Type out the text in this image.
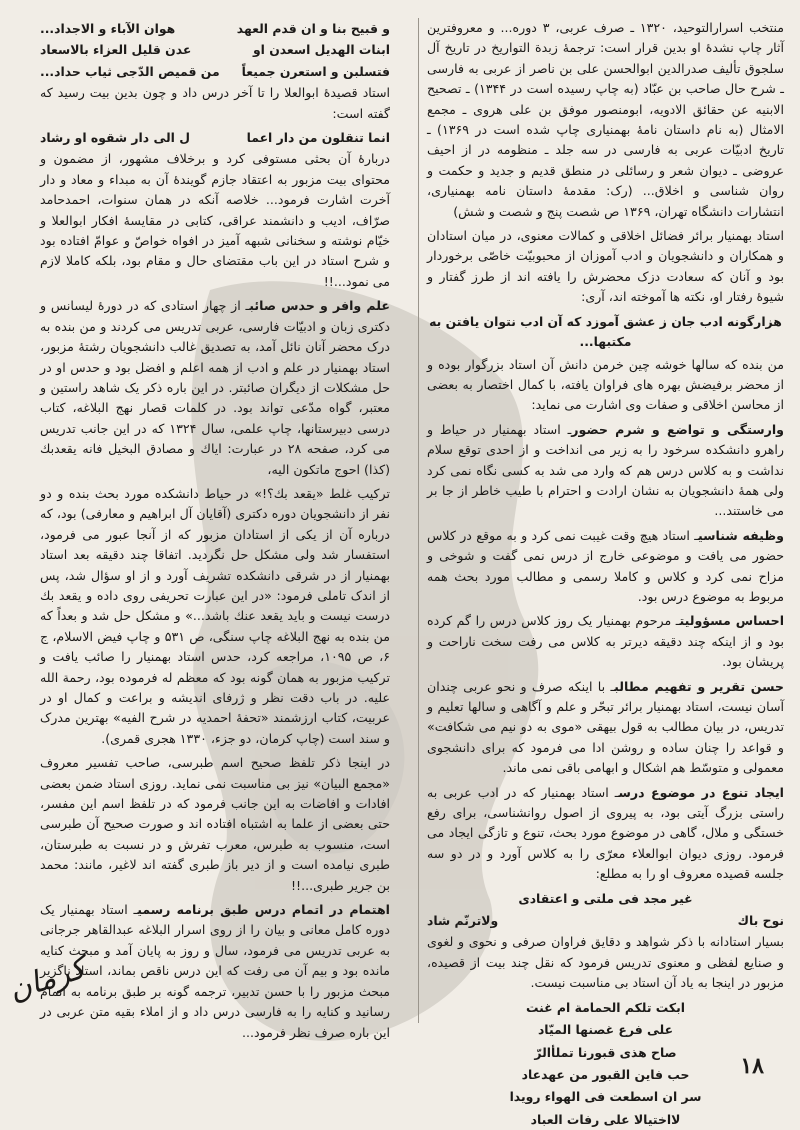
منتخب اسرارالتوحید، ۱۳۲۰ ـ صرف عربی، ۳ دوره... و معروفترین آثار چاپ نشدهٔ او بدین قرار است: ترجمهٔ زبدة التواریخ در تاریخ آل سلجوق تألیف صدرالدین ابوالحسن علی بن ناصر از عربی به فارسی ـ شرح حال صاحب بن عبّاد (به چاپ رسیده است در ۱۳۴۴) ـ تصحیح الابنیه عن حقائق الادویه، ابومنصور موفق بن علی هروی ـ مجمع الامثال (به نام داستان نامهٔ بهمنیاری چاپ شده است در ۱۳۶۹) ـ تاریخ ادبیّات عربی به فارسی در سه جلد ـ منظومه در از احیف عروضی ـ دیوان شعر و رسائلی در منطق قدیم و جدید و حکمت و روان شناسی و اخلاق... (رک: مقدمهٔ داستان نامه بهمنیاری، انتشارات دانشگاه تهران، ۱۳۶۹ ص شصت پنج و شصت و شش)

استاد بهمنیار برائر فضائل اخلاقی و کمالات معنوی، در میان استادان و همکاران و دانشجویان و ادب آموزان از محبوبیّت خاصّی برخوردار بود و آنان که سعادت دزک محضرش را یافته اند از طرز گفتار و شیوهٔ رفتار او، نکته ها آموخته اند، آری:

هزارگونه ادب جان ز عشق آموزد که آن ادب نتوان یافتن به مکتبها...

من بنده که سالها خوشه چین خرمن دانش آن استاد بزرگوار بوده و از محضر برفیضش بهره های فراوان یافته، با کمال اختصار به بعضی از محاسن اخلاقی و صفات وی اشارت می نماید:

وارستگی و تواضع و شرم حضورـ استاد بهمنیار در حیاط و راهرو دانشکده سرخود را به زیر می انداخت و از احدی توقع سلام نداشت و به کلاس درس هم که وارد می شد به کسی نگاه نمی کرد ولی همهٔ دانشجویان به نشان ارادت و احترام با طیب خاطر از جا بر می خاستند...

وظیفه شناسیـ استاد هیچ وقت غیبت نمی کرد و به موقع در کلاس حضور می یافت و موضوعی خارج از درس نمی گفت و شوخی و مزاح نمی کرد و کلاس و کاملا رسمی و مطالب مورد بحث همه مربوط به موضوع درس بود.

احساس مسؤولیتـ مرحوم بهمنیار یک روز کلاس درس را گم کرده بود و از اینکه چند دقیقه دیرتر به کلاس می رفت سخت ناراحت و پریشان بود.

حسن تقریر و تفهیم مطالبـ با اینکه صرف و نحو عربی چندان آسان نیست، استاد بهمنیار برائر تبحّر و علم و آگاهی و سالها تعلیم و تدریس، در بیان مطالب به قول بیهقی «موی به دو نیم می شکافت» و قواعد را چنان ساده و روشن ادا می فرمود که برای دانشجوی معمولی و متوسّط هم اشکال و ابهامی باقی نمی ماند.

ایجاد تنوع در موضوع درسـ استاد بهمنیار که در ادب عربی به راستی بزرگ آیتی بود، به پیروی از اصول روانشناسی، برای رفع خستگی و ملال، گاهی در موضوع مورد بحث، تنوع و تازگی ایجاد می فرمود. روزی دیوان ابوالعلاء معرّی را به کلاس آورد و در دو سه جلسه قصیده معروف او را به مطلع:

غیر مجد فی ملتی و اعتقادی
نوح باك
ولاترنّم شاد

بسیار استادانه با ذکر شواهد و دقایق فراوان صرفی و نحوی و لغوی و صنایع لفظی و معنوی تدریس فرمود که نقل چند بیت از قصیده، مزبور در اینجا به یاد آن استاد بی مناسبت نیست.

ابكت تلكم الحمامة ام غنت
على فرع غصنها الميّاد
صاح هذى قبورنا تملأالرّ
حب فاين القبور من عهدعاد
سر ان اسطعت فى الهواء رويدا
لااختيالا على رفات العباد
و قبيح بنا و ان قدم العهد
هوان الآباء و الاجداد...
ابنات الهديل اسعدن او
عدن قليل العزاء بالاسعاد
فتسلبن و استعرن جميعاً
من قميص الدّجى ثياب حداد...

استاد قصیدهٔ ابوالعلا را تا آخر درس داد و چون بدین بیت رسید که گفته است:

انما تنقلون من دار اعما
ل الى دار شقوه او رشاد

دربارهٔ آن بحثی مستوفی کرد و برخلاف مشهور، از مضمون و محتوای بیت مزبور به اعتقاد جازم گویندهٔ آن به مبداء و معاد و دار آخرت اشارت فرمود... خلاصه آنکه در همان سنوات، احمدحامد صرّاف، ادیب و دانشمند عراقی، کتابی در مقایسهٔ افکار ابوالعلا و خیّام نوشته و سخنانی شبهه آمیز در افواه خواصّ و عوامّ افتاده بود و شرح استاد در این باب مقتضای حال و مقام بود، بلکه کاملا لازم می نمود...!!

علم وافر و حدس صائبـ از چهار استادی که در دورهٔ لیسانس و دکتری زبان و ادبیّات فارسی، عربی تدریس می کردند و من بنده به درک محضر آنان نائل آمد، به تصدیق غالب دانشجویان رشتهٔ مزبور، استاد بهمنیار در علم و ادب از همه اعلم و افضل بود و حدس او در حل مشکلات از دیگران صائبتر. در این باره ذکر یک شاهد راستین و معتبر، گواه مدّعی تواند بود. در کلمات قصار نهج البلاغه، کتاب درسی دبیرستانها، چاپ علمی، سال ۱۳۲۴ که در این جانب تدریس می کرد، صفحه ۲۸ در عبارت: ایاك و مصادق البخیل فانه یقعدبك (کذا) احوج ماتكون الیه،

ترکیب غلط «یقعد بك؟!» در حیاط دانشکده مورد بحث بنده و دو نفر از دانشجویان دوره دکتری (آقایان آل ابراهیم و معارفی) بود، که درباره آن از یکی از استادان مزبور که از آنجا عبور می فرمود، استفسار شد ولی مشکل حل نگردید. اتفاقا چند دقیقه بعد استاد بهمنیار از در شرقی دانشکده تشریف آورد و از او سؤال شد، پس از اندک تاملی فرمود: «در این عبارت تحریفی روی داده و یقعد بك درست نیست و باید یقعد عنك باشد...» و مشکل حل شد و بعداً که من بنده به نهج البلاغه چاپ سنگی، ص ۵۳۱ و چاپ فیض الاسلام، ج ۶، ص ۱۰۹۵، مراجعه کرد، حدس استاد بهمنیار را صائب یافت و ترکیب مزبور به همان گونه بود که معظم له فرموده بود، رحمة الله علیه. در باب دقت نظر و ژرفای اندیشه و براعت و کمال او در عربیت، کتاب ارزشمند «تحفهٔ احمدیه در شرح الفیه» بهترین مدرک و سند است (چاپ کرمان، دو جزء، ۱۳۳۰ هجری قمری).

در اینجا ذکر تلفظ صحیح اسم طبرسی، صاحب تفسیر معروف «مجمع البیان» نیز بی مناسبت نمی نماید. روزی استاد ضمن بعضی افادات و افاضات به این جانب فرمود که در تلفظ اسم این مفسر، حتی بعضی از علما به اشتباه افتاده اند و صورت صحیح آن طبرسی است، منسوب به طبرس، معرب تفرش و در نسبت به طبرستان، طبری نیامده است و از دیر باز طبری گفته اند لاغیر، مانند: محمد بن جریر طبری...!!

اهتمام در اتمام درس طبق برنامه رسمیـ استاد بهمنیار یک دوره کامل معانی و بیان را از روی اسرار البلاغه عبدالقاهر جرجانی به عربی تدریس می فرمود، سال و روز به پایان آمد و مبحث کنایه مانده بود و بیم آن می رفت که این درس ناقص بماند، استاد ناگزیر مبحث مزبور را با حسن تدبیر، ترجمه گونه بر طبق برنامه به اتمام رسانید و کنایه را به فارسی درس داد و از املاء بقیه متن عربی در این باره صرف نظر فرمود...

کرمان
۱۸
